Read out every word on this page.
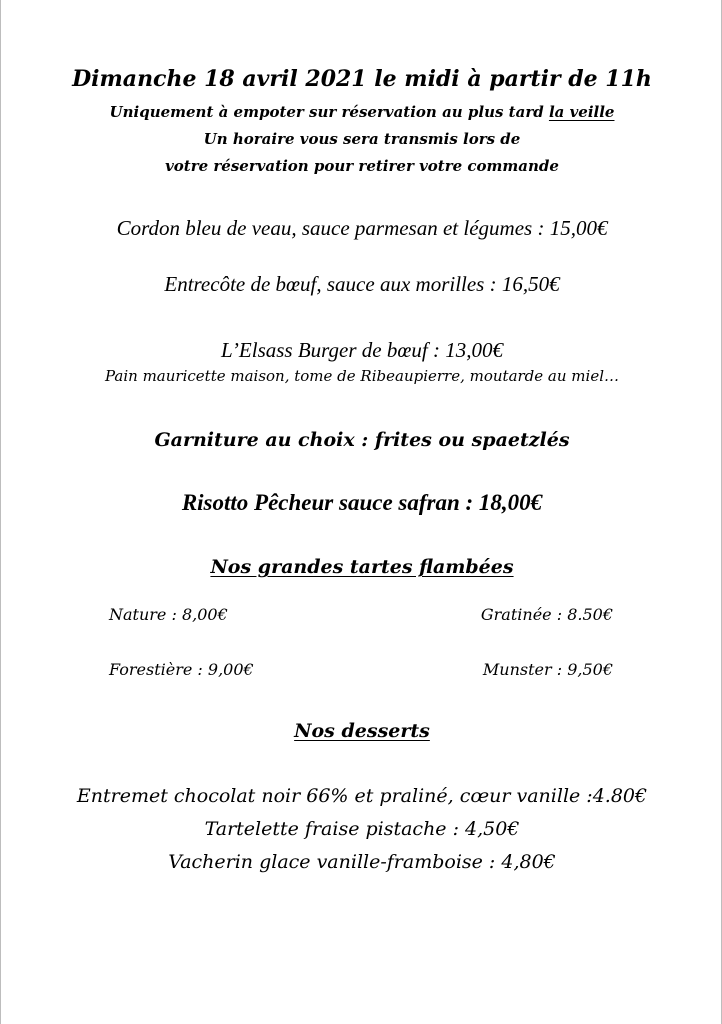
Dimanche 18 avril 2021 le midi à partir de 11h
Uniquement à empoter sur réservation au plus tard la veille
Un horaire vous sera transmis lors de
votre réservation pour retirer votre commande
Cordon bleu de veau, sauce parmesan et légumes : 15,00€
Entrecôte de bœuf, sauce aux morilles : 16,50€
L’Elsass Burger de bœuf : 13,00€
Pain mauricette maison, tome de Ribeaupierre, moutarde au miel…
Garniture au choix : frites ou spaetzlés
Risotto Pêcheur sauce safran : 18,00€
Nos grandes tartes flambées
Nature : 8,00€	Gratinée : 8.50€
Forestière : 9,00€	Munster : 9,50€
Nos desserts
Entremet chocolat noir 66% et praliné, cœur vanille :4.80€
Tartelette fraise pistache : 4,50€
Vacherin glace vanille-framboise : 4,80€
